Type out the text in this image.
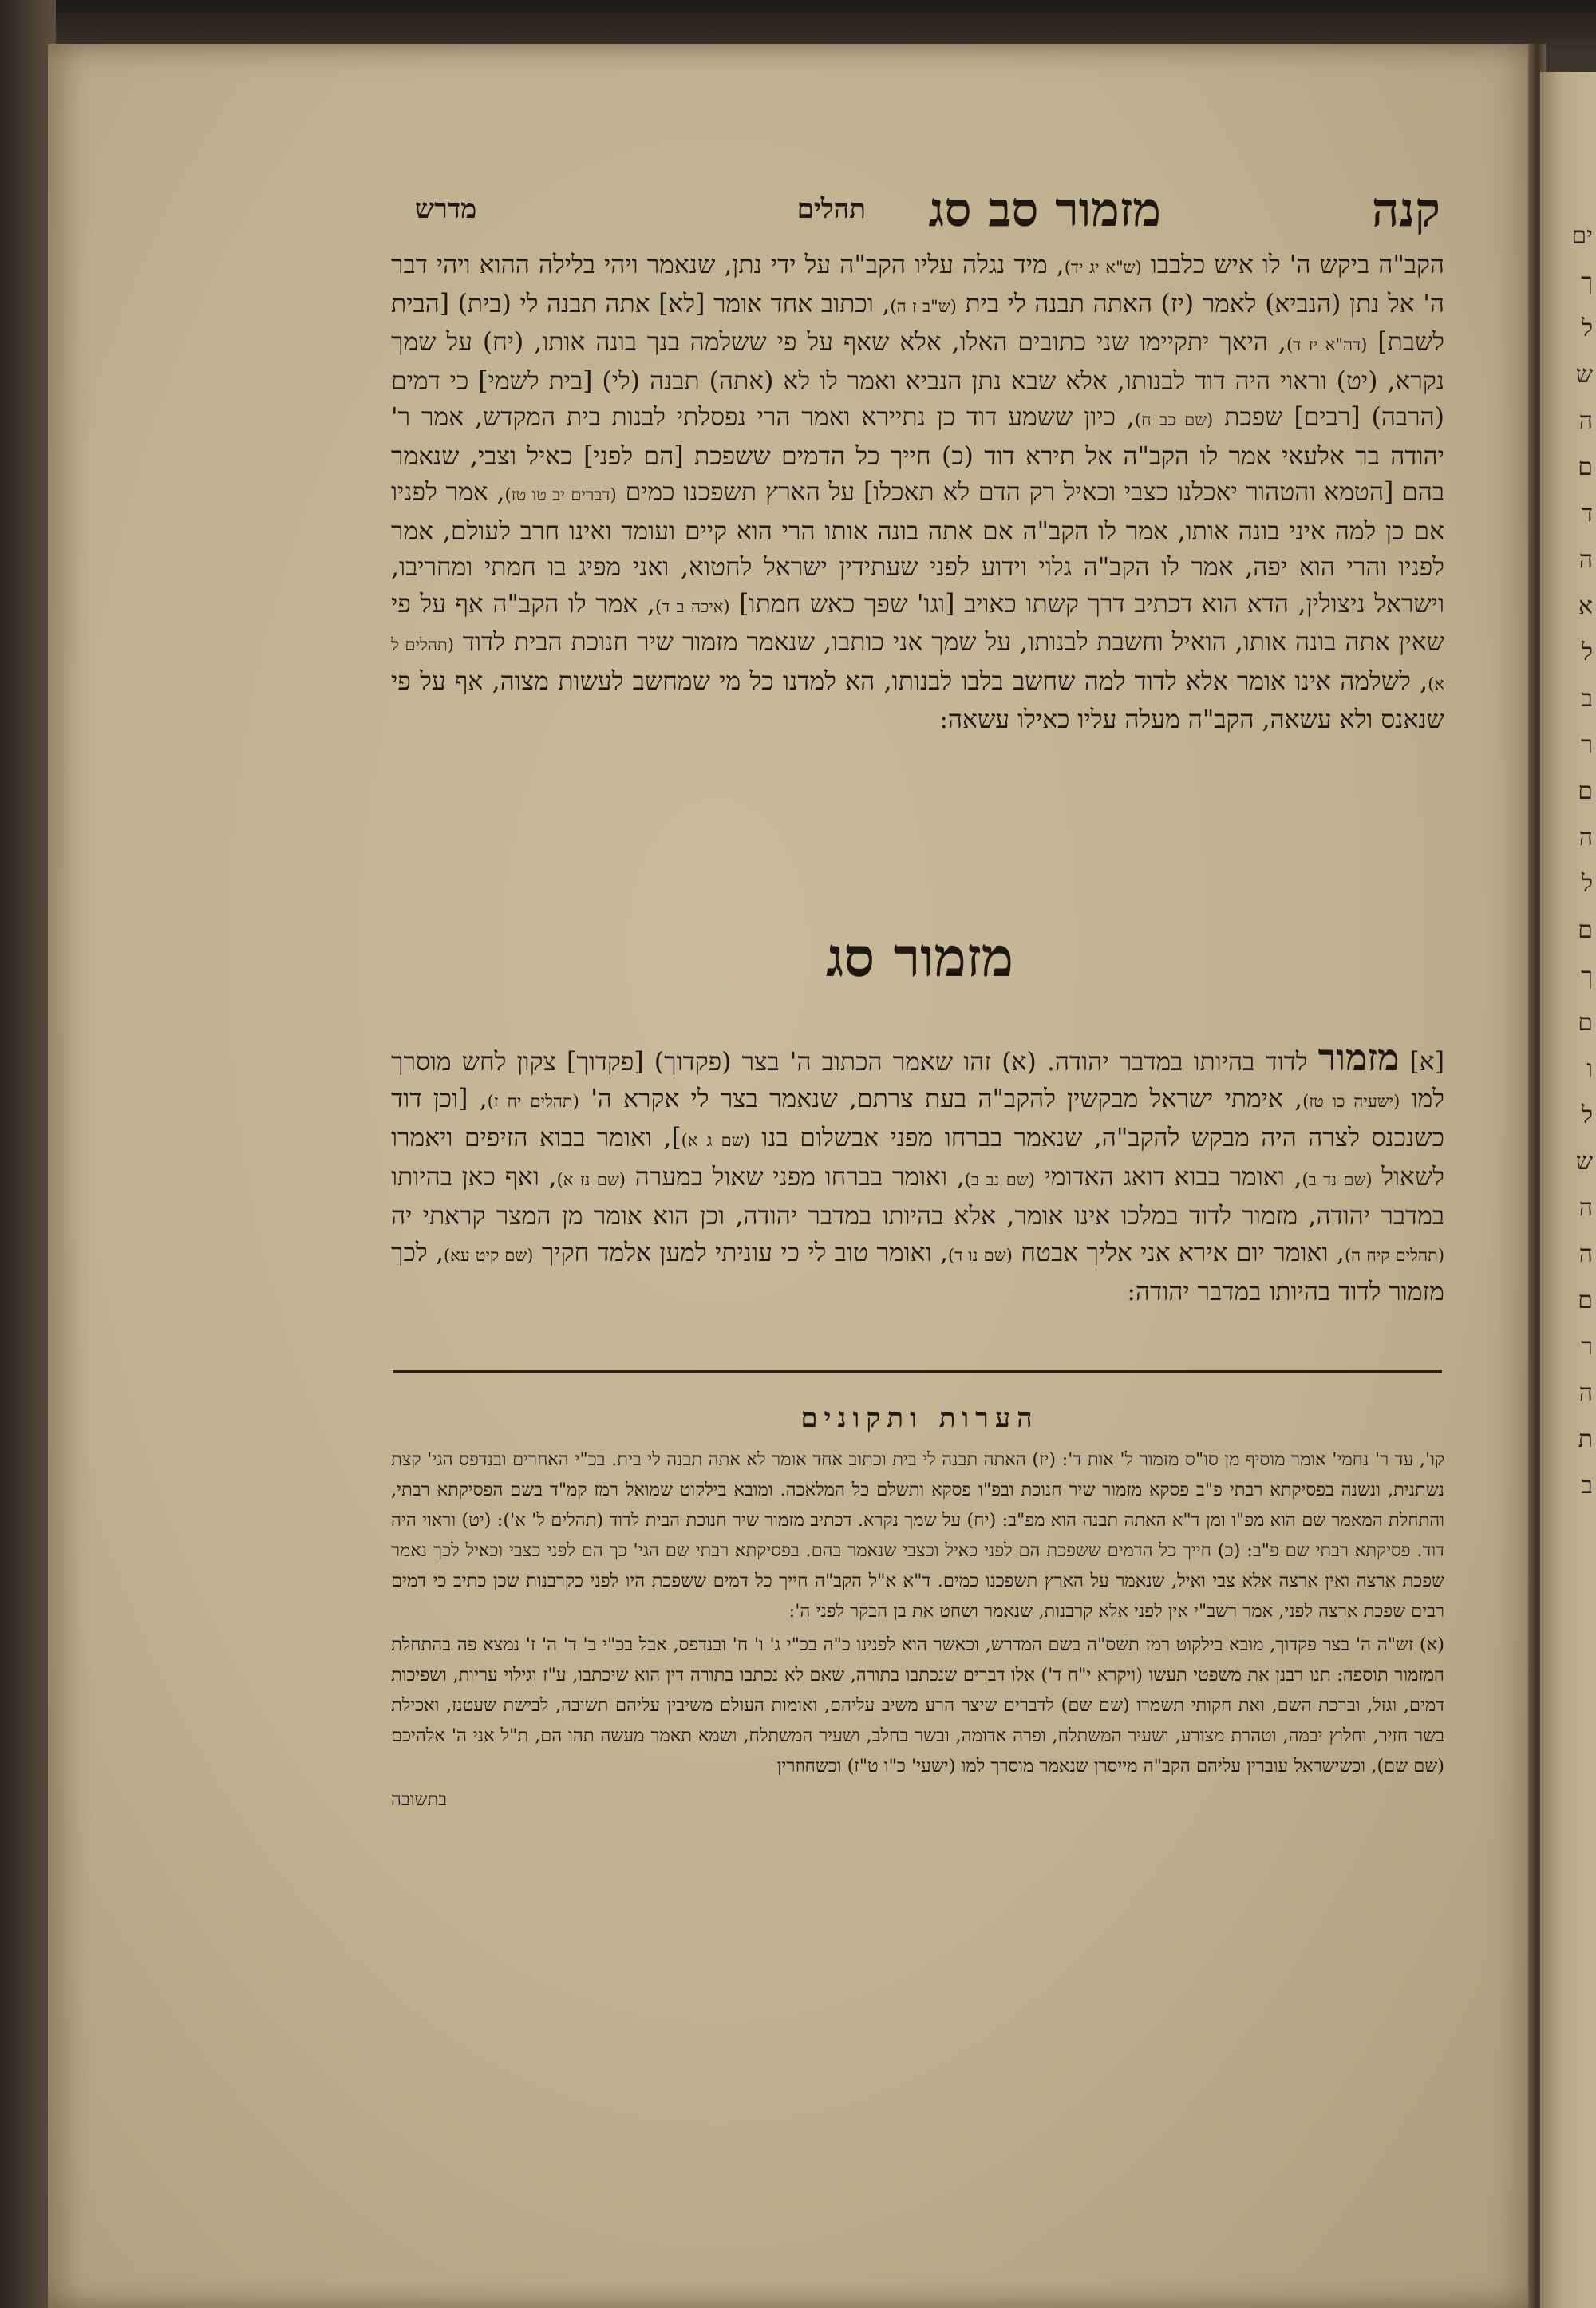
ים
ך
ל
ש
ה
ם
ד
ה
א
ל
ב
ר
ם
ה
ל
ם
ך
ם
ו
ל
ש
ה
ה
ם
ר
ה
ת
ב
קנה
מזמור סב סג
תהלים
מדרש

הקב"ה ביקש ה' לו איש כלבבו (ש"א יג יד), מיד נגלה עליו הקב"ה על ידי נתן, שנאמר ויהי בלילה ההוא ויהי דבר ה' אל נתן (הנביא) לאמר (יז) האתה תבנה לי בית (ש"ב ז ה), וכתוב אחד אומר [לא] אתה תבנה לי (בית) [הבית לשבת] (דה"א יז ד), היאך יתקיימו שני כתובים האלו, אלא שאף על פי ששלמה בנך בונה אותו, (יח) על שמך נקרא, (יט) וראוי היה דוד לבנותו, אלא שבא נתן הנביא ואמר לו לא (אתה) תבנה (לי) [בית לשמי] כי דמים (הרבה) [רבים] שפכת (שם כב ח), כיון ששמע דוד כן נתיירא ואמר הרי נפסלתי לבנות בית המקדש, אמר ר' יהודה בר אלעאי אמר לו הקב"ה אל תירא דוד (כ) חייך כל הדמים ששפכת [הם לפני] כאיל וצבי, שנאמר בהם [הטמא והטהור יאכלנו כצבי וכאיל רק הדם לא תאכלו] על הארץ תשפכנו כמים (דברים יב טו טז), אמר לפניו אם כן למה איני בונה אותו, אמר לו הקב"ה אם אתה בונה אותו הרי הוא קיים ועומד ואינו חרב לעולם, אמר לפניו והרי הוא יפה, אמר לו הקב"ה גלוי וידוע לפני שעתידין ישראל לחטוא, ואני מפיג בו חמתי ומחריבו, וישראל ניצולין, הדא הוא דכתיב דרך קשתו כאויב [וגו' שפך כאש חמתו] (איכה ב ד), אמר לו הקב"ה אף על פי שאין אתה בונה אותו, הואיל וחשבת לבנותו, על שמך אני כותבו, שנאמר מזמור שיר חנוכת הבית לדוד (תהלים ל א), לשלמה אינו אומר אלא לדוד למה שחשב בלבו לבנותו, הא למדנו כל מי שמחשב לעשות מצוה, אף על פי שנאנס ולא עשאה, הקב"ה מעלה עליו כאילו עשאה:

מזמור סג

[א] מזמור לדוד בהיותו במדבר יהודה. (א) זהו שאמר הכתוב ה' בצר (פקדוך) [פקדוך] צקון לחש מוסרך למו (ישעיה כו טז), אימתי ישראל מבקשין להקב"ה בעת צרתם, שנאמר בצר לי אקרא ה' (תהלים יח ז), [וכן דוד כשנכנס לצרה היה מבקש להקב"ה, שנאמר בברחו מפני אבשלום בנו (שם ג א)], ואומר בבוא הזיפים ויאמרו לשאול (שם נד ב), ואומר בבוא דואג האדומי (שם נב ב), ואומר בברחו מפני שאול במערה (שם נז א), ואף כאן בהיותו במדבר יהודה, מזמור לדוד במלכו אינו אומר, אלא בהיותו במדבר יהודה, וכן הוא אומר מן המצר קראתי יה (תהלים קיח ה), ואומר יום אירא אני אליך אבטח (שם נו ד), ואומר טוב לי כי עוניתי למען אלמד חקיך (שם קיט עא), לכך מזמור לדוד בהיותו במדבר יהודה:

הערות ותקונים

קו', עד ר' נחמי' אומר מוסיף מן סו"ס מזמור ל' אות ד': (יז) האתה תבנה לי בית וכתוב אחד אומר לא אתה תבנה לי בית. בכ"י האחרים ובנדפס הגי' קצת נשתנית, ונשנה בפסיקתא רבתי פ"ב פסקא מזמור שיר חנוכת ובפ"ו פסקא ותשלם כל המלאכה. ומובא בילקוט שמואל רמז קמ"ד בשם הפסיקתא רבתי, והתחלת המאמר שם הוא מפ"ו ומן ד"א האתה תבנה הוא מפ"ב: (יח) על שמך נקרא. דכתיב מזמור שיר חנוכת הבית לדוד (תהלים ל' א'): (יט) וראוי היה דוד. פסיקתא רבתי שם פ"ב: (כ) חייך כל הדמים ששפכת הם לפני כאיל וכצבי שנאמר בהם. בפסיקתא רבתי שם הגי' כך הם לפני כצבי וכאיל לכך נאמר שפכת ארצה ואין ארצה אלא צבי ואיל, שנאמר על הארץ תשפכנו כמים. ד"א א"ל הקב"ה חייך כל דמים ששפכת היו לפני כקרבנות שכן כתיב כי דמים רבים שפכת ארצה לפני, אמר רשב"י אין לפני אלא קרבנות, שנאמר ושחט את בן הבקר לפני ה':

(א) זש"ה ה' בצר פקדוך, מובא בילקוט רמז תשס"ה בשם המדרש, וכאשר הוא לפנינו כ"ה בכ"י ג' ו' ח' ובנדפס, אבל בכ"י ב' ד' ה' ז' נמצא פה בהתחלת המזמור תוספה: תנו רבנן את משפטי תעשו (ויקרא י"ח ד') אלו דברים שנכתבו בתורה, שאם לא נכתבו בתורה דין הוא שיכתבו, ע"ז וגילוי עריות, ושפיכות דמים, וגזל, וברכת השם, ואת חקותי תשמרו (שם שם) לדברים שיצר הרע משיב עליהם, ואומות העולם משיבין עליהם תשובה, לבישת שעטנז, ואכילת בשר חזיר, וחלוץ יבמה, וטהרת מצורע, ושעיר המשתלח, ופרה אדומה, ובשר בחלב, ושעיר המשתלח, ושמא תאמר מעשה תהו הם, ת"ל אני ה' אלהיכם (שם שם), וכשישראל עוברין עליהם הקב"ה מייסרן שנאמר מוסרך למו (ישעי' כ"ו ט"ז) וכשחוזרין

בתשובה
